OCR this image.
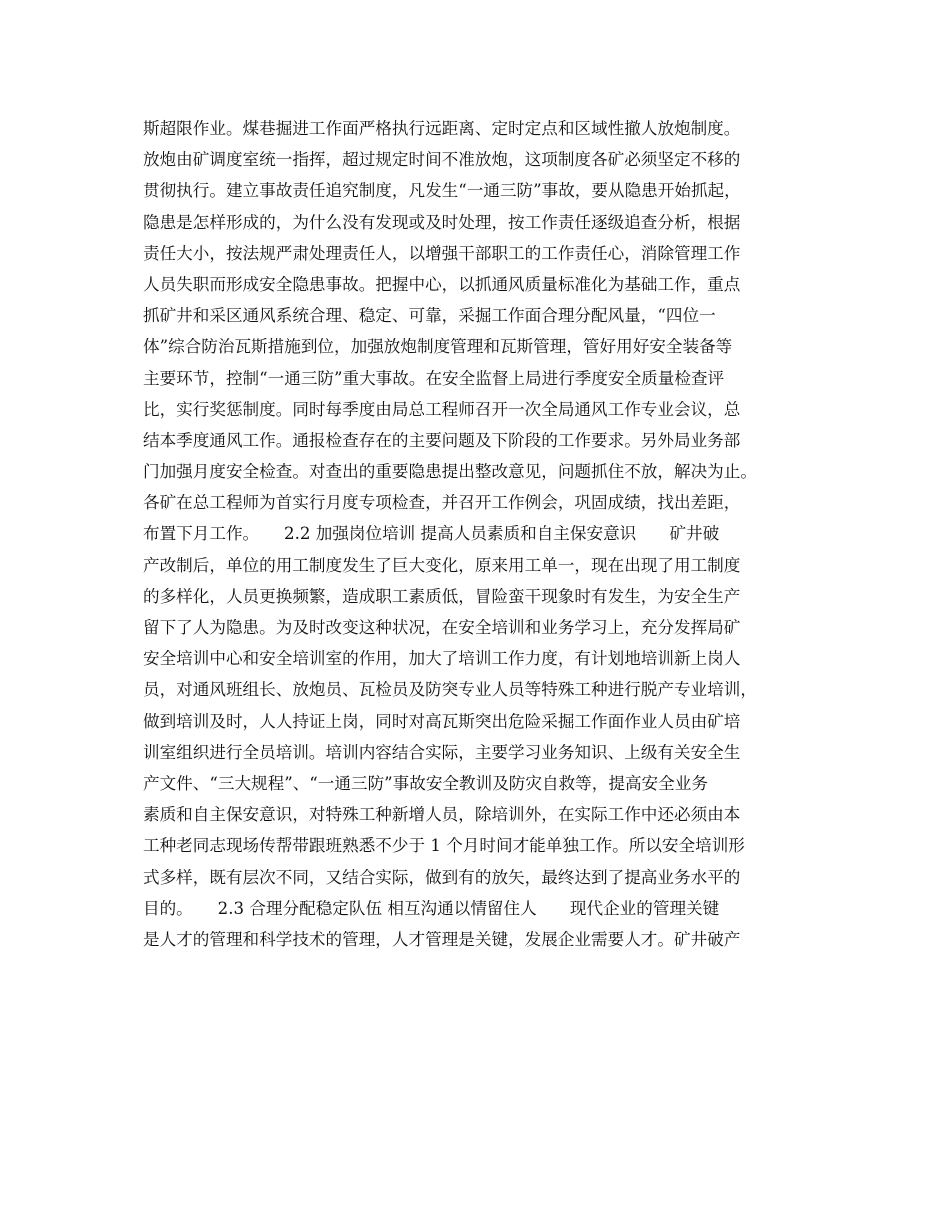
斯超限作业。煤巷掘进工作面严格执行远距离、定时定点和区域性撤人放炮制度。
放炮由矿调度室统一指挥，超过规定时间不准放炮，这项制度各矿必须坚定不移的
贯彻执行。建立事故责任追究制度，凡发生“一通三防”事故，要从隐患开始抓起，
隐患是怎样形成的，为什么没有发现或及时处理，按工作责任逐级追查分析，根据
责任大小，按法规严肃处理责任人，以增强干部职工的工作责任心，消除管理工作
人员失职而形成安全隐患事故。把握中心，以抓通风质量标准化为基础工作，重点
抓矿井和采区通风系统合理、稳定、可靠，采掘工作面合理分配风量，“四位一
体”综合防治瓦斯措施到位，加强放炮制度管理和瓦斯管理，管好用好安全装备等
主要环节，控制“一通三防”重大事故。在安全监督上局进行季度安全质量检查评
比，实行奖惩制度。同时每季度由局总工程师召开一次全局通风工作专业会议，总
结本季度通风工作。通报检查存在的主要问题及下阶段的工作要求。另外局业务部
门加强月度安全检查。对查出的重要隐患提出整改意见，问题抓住不放，解决为止。
各矿在总工程师为首实行月度专项检查，并召开工作例会，巩固成绩，找出差距，
布置下月工作。　　2.2 加强岗位培训 提高人员素质和自主保安意识　　矿井破
产改制后，单位的用工制度发生了巨大变化，原来用工单一，现在出现了用工制度
的多样化，人员更换频繁，造成职工素质低，冒险蛮干现象时有发生，为安全生产
留下了人为隐患。为及时改变这种状况，在安全培训和业务学习上，充分发挥局矿
安全培训中心和安全培训室的作用，加大了培训工作力度，有计划地培训新上岗人
员，对通风班组长、放炮员、瓦检员及防突专业人员等特殊工种进行脱产专业培训，
做到培训及时，人人持证上岗，同时对高瓦斯突出危险采掘工作面作业人员由矿培
训室组织进行全员培训。培训内容结合实际，主要学习业务知识、上级有关安全生
产文件、“三大规程”、“一通三防”事故安全教训及防灾自救等，提高安全业务
素质和自主保安意识，对特殊工种新增人员，除培训外，在实际工作中还必须由本
工种老同志现场传帮带跟班熟悉不少于 1 个月时间才能单独工作。所以安全培训形
式多样，既有层次不同，又结合实际，做到有的放矢，最终达到了提高业务水平的
目的。　　2.3 合理分配稳定队伍 相互沟通以情留住人　　现代企业的管理关键
是人才的管理和科学技术的管理，人才管理是关键，发展企业需要人才。矿井破产
